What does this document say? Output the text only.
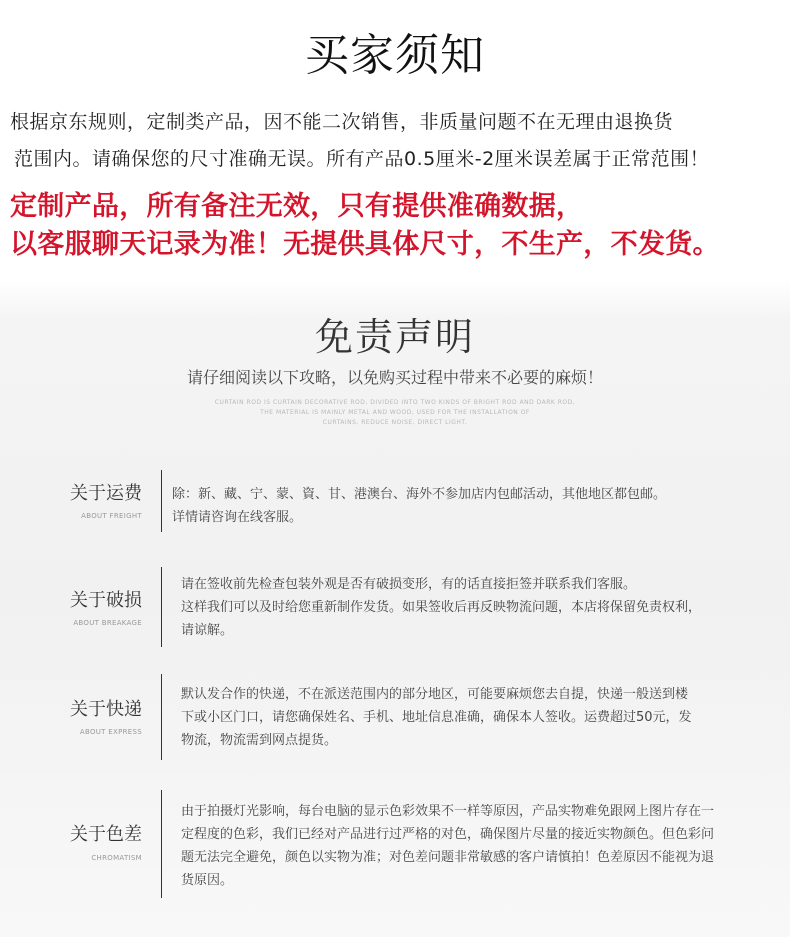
买家须知
根据京东规则，定制类产品，因不能二次销售，非质量问题不在无理由退换货
范围内。请确保您的尺寸准确无误。所有产品0.5厘米-2厘米误差属于正常范围！
定制产品，所有备注无效，只有提供准确数据，
以客服聊天记录为准！无提供具体尺寸，不生产，不发货。
免责声明
请仔细阅读以下攻略，以免购买过程中带来不必要的麻烦！
CURTAIN ROD IS CURTAIN DECORATIVE ROD, DIVIDED INTO TWO KINDS OF BRIGHT ROD AND DARK ROD,
THE MATERIAL IS MAINLY METAL AND WOOD, USED FOR THE INSTALLATION OF
CURTAINS, REDUCE NOISE, DIRECT LIGHT.
关于运费
ABOUT FREIGHT

除：新、藏、宁、蒙、資、甘、港澳台、海外不参加店内包邮活动，其他地区都包邮。

详情请咨询在线客服。

关于破损
ABOUT BREAKAGE

请在签收前先检查包装外观是否有破损变形，有的话直接拒签并联系我们客服。

这样我们可以及时给您重新制作发货。如果签收后再反映物流问题，本店将保留免责权利，

请谅解。

关于快递
ABOUT EXPRESS

默认发合作的快递，不在派送范围内的部分地区，可能要麻烦您去自提，快递一般送到楼

下或小区门口，请您确保姓名、手机、地址信息准确，确保本人签收。运费超过50元，发

物流，物流需到网点提货。

关于色差
CHROMATISM

由于拍摄灯光影响，每台电脑的显示色彩效果不一样等原因，产品实物难免跟网上图片存在一

定程度的色彩，我们已经对产品进行过严格的对色，确保图片尽量的接近实物颜色。但色彩问

题无法完全避免，颜色以实物为准；对色差问题非常敏感的客户请慎拍！色差原因不能视为退

货原因。
